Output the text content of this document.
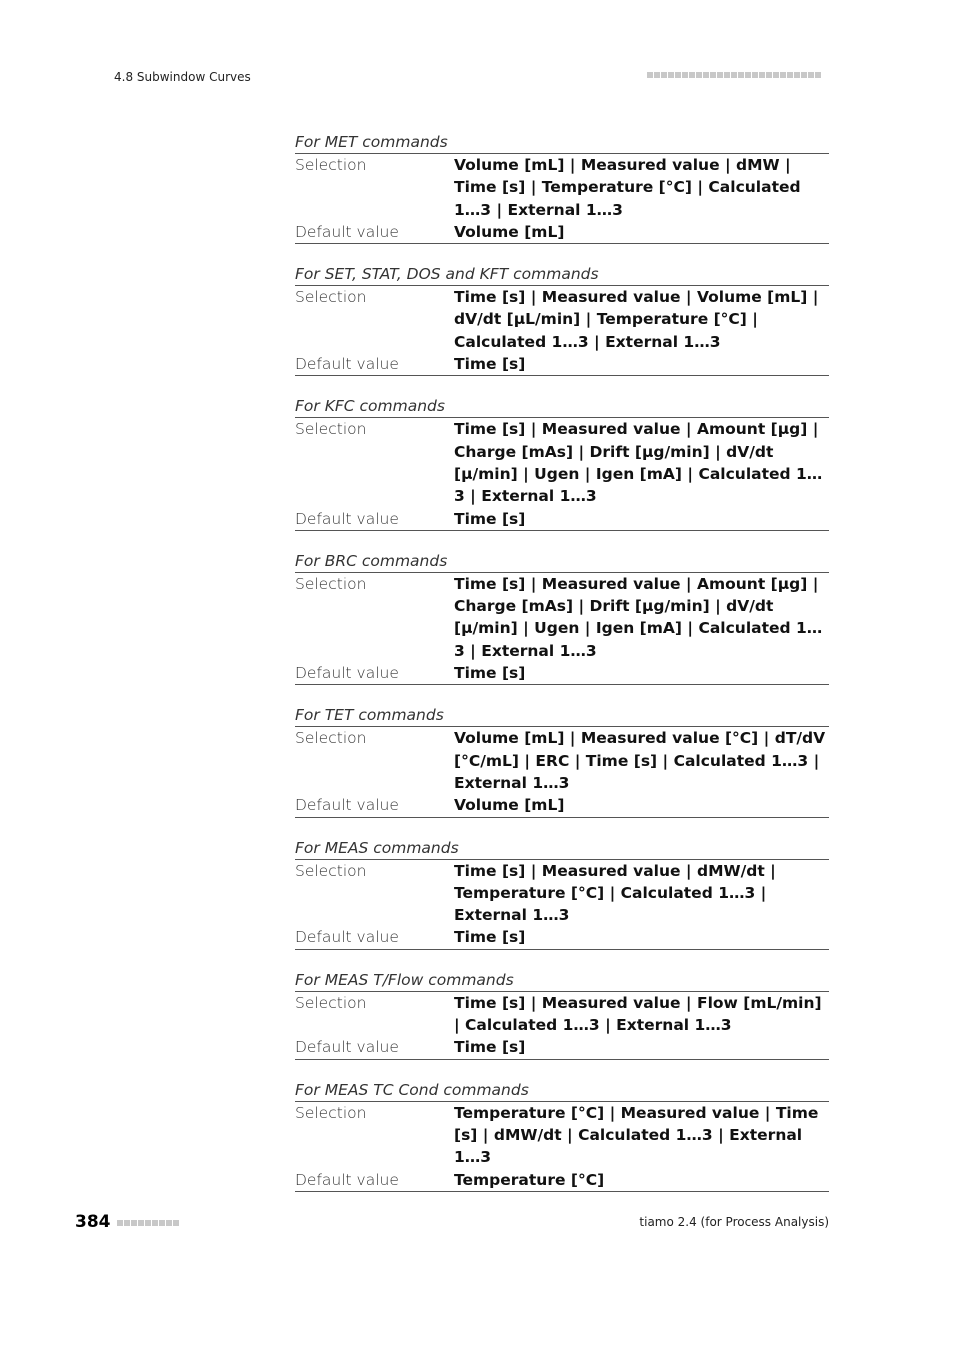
4.8 Subwindow Curves
For MET commands
Selection	Volume [mL] | Measured value | dMW | Time [s] | Temperature [°C] | Calculated 1…3 | External 1…3
Default value	Volume [mL]
For SET, STAT, DOS and KFT commands
Selection	Time [s] | Measured value | Volume [mL] | dV/dt [µL/min] | Temperature [°C] | Calculated 1…3 | External 1…3
Default value	Time [s]
For KFC commands
Selection	Time [s] | Measured value | Amount [µg] | Charge [mAs] | Drift [µg/min] | dV/dt [µ/min] | Ugen | Igen [mA] | Calculated 1…3 | External 1…3
Default value	Time [s]
For BRC commands
Selection	Time [s] | Measured value | Amount [µg] | Charge [mAs] | Drift [µg/min] | dV/dt [µ/min] | Ugen | Igen [mA] | Calculated 1…3 | External 1…3
Default value	Time [s]
For TET commands
Selection	Volume [mL] | Measured value [°C] | dT/dV [°C/mL] | ERC | Time [s] | Calculated 1…3 | External 1…3
Default value	Volume [mL]
For MEAS commands
Selection	Time [s] | Measured value | dMW/dt | Temperature [°C] | Calculated 1…3 | External 1…3
Default value	Time [s]
For MEAS T/Flow commands
Selection	Time [s] | Measured value | Flow [mL/min] | Calculated 1…3 | External 1…3
Default value	Time [s]
For MEAS TC Cond commands
Selection	Temperature [°C] | Measured value | Time [s] | dMW/dt | Calculated 1…3 | External 1…3
Default value	Temperature [°C]
384	tiamo 2.4 (for Process Analysis)
